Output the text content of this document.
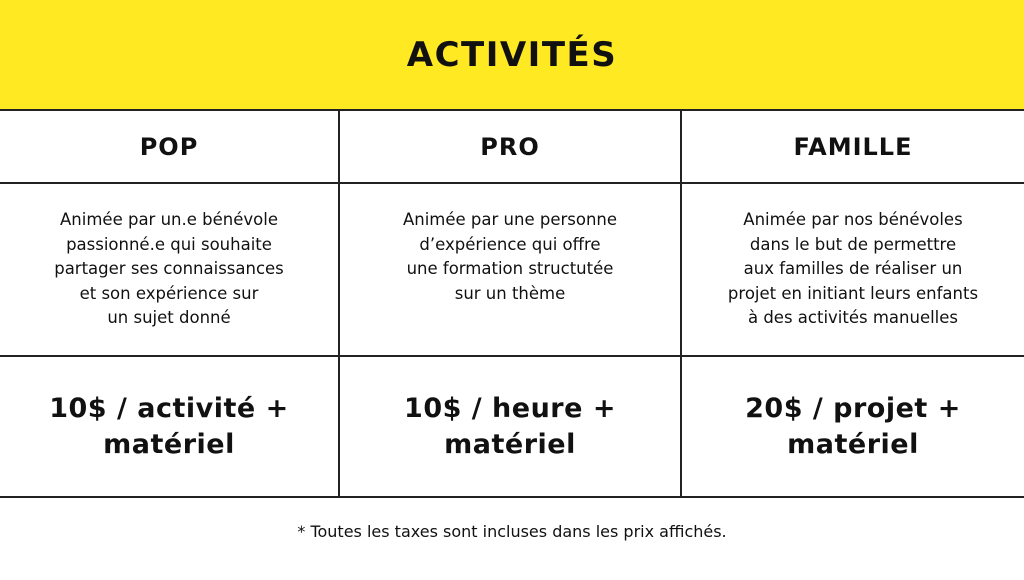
ACTIVITÉS
POP	PRO	FAMILLE
Animée par un.e bénévole
passionné.e qui souhaite
partager ses connaissances
et son expérience sur
un sujet donné
Animée par une personne
d’expérience qui offre
une formation structutée
sur un thème
Animée par nos bénévoles
dans le but de permettre
aux familles de réaliser un
projet en initiant leurs enfants
à des activités manuelles
10$ / activité +
matériel
10$ / heure +
matériel
20$ / projet +
matériel
* Toutes les taxes sont incluses dans les prix affichés.
